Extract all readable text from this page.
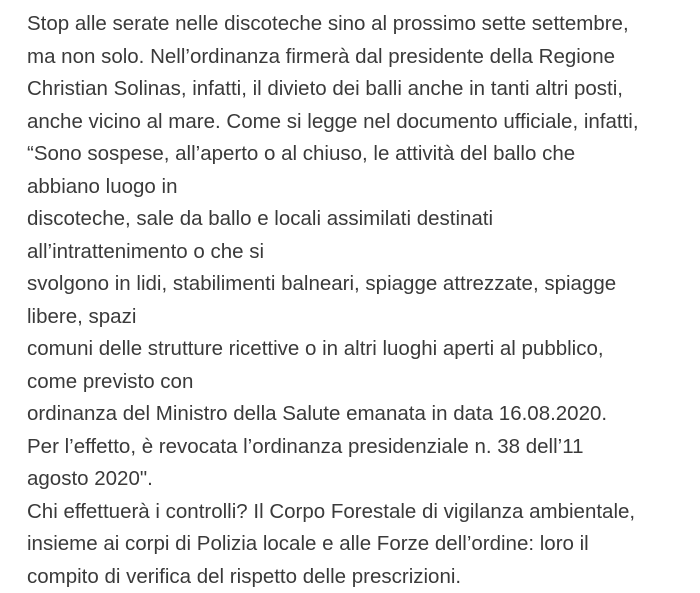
Stop alle serate nelle discoteche sino al prossimo sette settembre,
ma non solo. Nell’ordinanza firmerà dal presidente della Regione
Christian Solinas, infatti, il divieto dei balli anche in tanti altri posti,
anche vicino al mare. Come si legge nel documento ufficiale, infatti,
“Sono sospese, all’aperto o al chiuso, le attività del ballo che
abbiano luogo in
discoteche, sale da ballo e locali assimilati destinati
all’intrattenimento o che si
svolgono in lidi, stabilimenti balneari, spiagge attrezzate, spiagge
libere, spazi
comuni delle strutture ricettive o in altri luoghi aperti al pubblico,
come previsto con
ordinanza del Ministro della Salute emanata in data 16.08.2020.
Per l’effetto, è revocata l’ordinanza presidenziale n. 38 dell’11
agosto 2020".
Chi effettuerà i controlli? Il Corpo Forestale di vigilanza ambientale,
insieme ai corpi di Polizia locale e alle Forze dell’ordine: loro il
compito di verifica del rispetto delle prescrizioni.
